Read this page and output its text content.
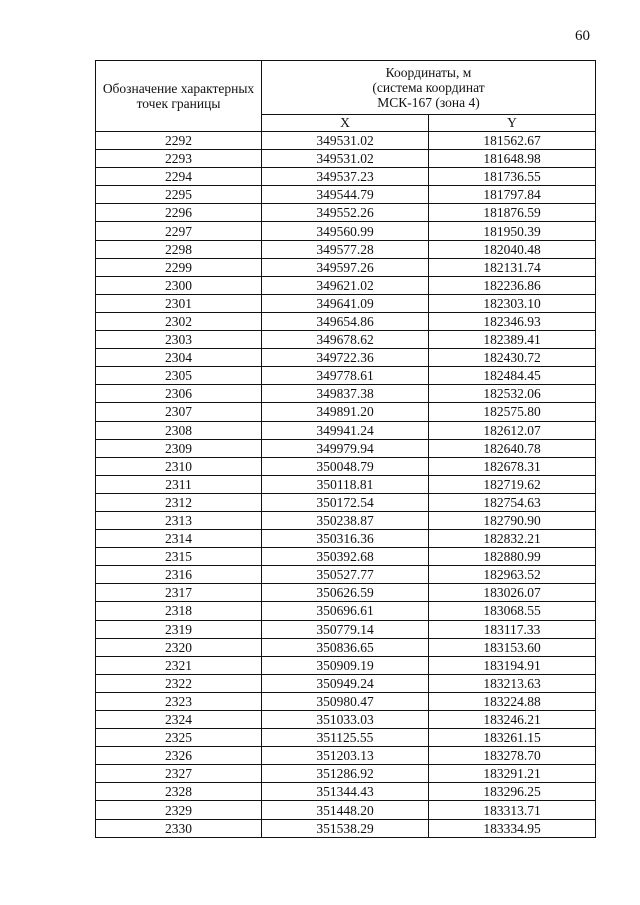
60
Обозначение характерных точек границы	Координаты, м
(система координат
МСК-167 (зона 4)	

	X	Y
2292	349531.02	181562.67
2293	349531.02	181648.98
2294	349537.23	181736.55
2295	349544.79	181797.84
2296	349552.26	181876.59
2297	349560.99	181950.39
2298	349577.28	182040.48
2299	349597.26	182131.74
2300	349621.02	182236.86
2301	349641.09	182303.10
2302	349654.86	182346.93
2303	349678.62	182389.41
2304	349722.36	182430.72
2305	349778.61	182484.45
2306	349837.38	182532.06
2307	349891.20	182575.80
2308	349941.24	182612.07
2309	349979.94	182640.78
2310	350048.79	182678.31
2311	350118.81	182719.62
2312	350172.54	182754.63
2313	350238.87	182790.90
2314	350316.36	182832.21
2315	350392.68	182880.99
2316	350527.77	182963.52
2317	350626.59	183026.07
2318	350696.61	183068.55
2319	350779.14	183117.33
2320	350836.65	183153.60
2321	350909.19	183194.91
2322	350949.24	183213.63
2323	350980.47	183224.88
2324	351033.03	183246.21
2325	351125.55	183261.15
2326	351203.13	183278.70
2327	351286.92	183291.21
2328	351344.43	183296.25
2329	351448.20	183313.71
2330	351538.29	183334.95
